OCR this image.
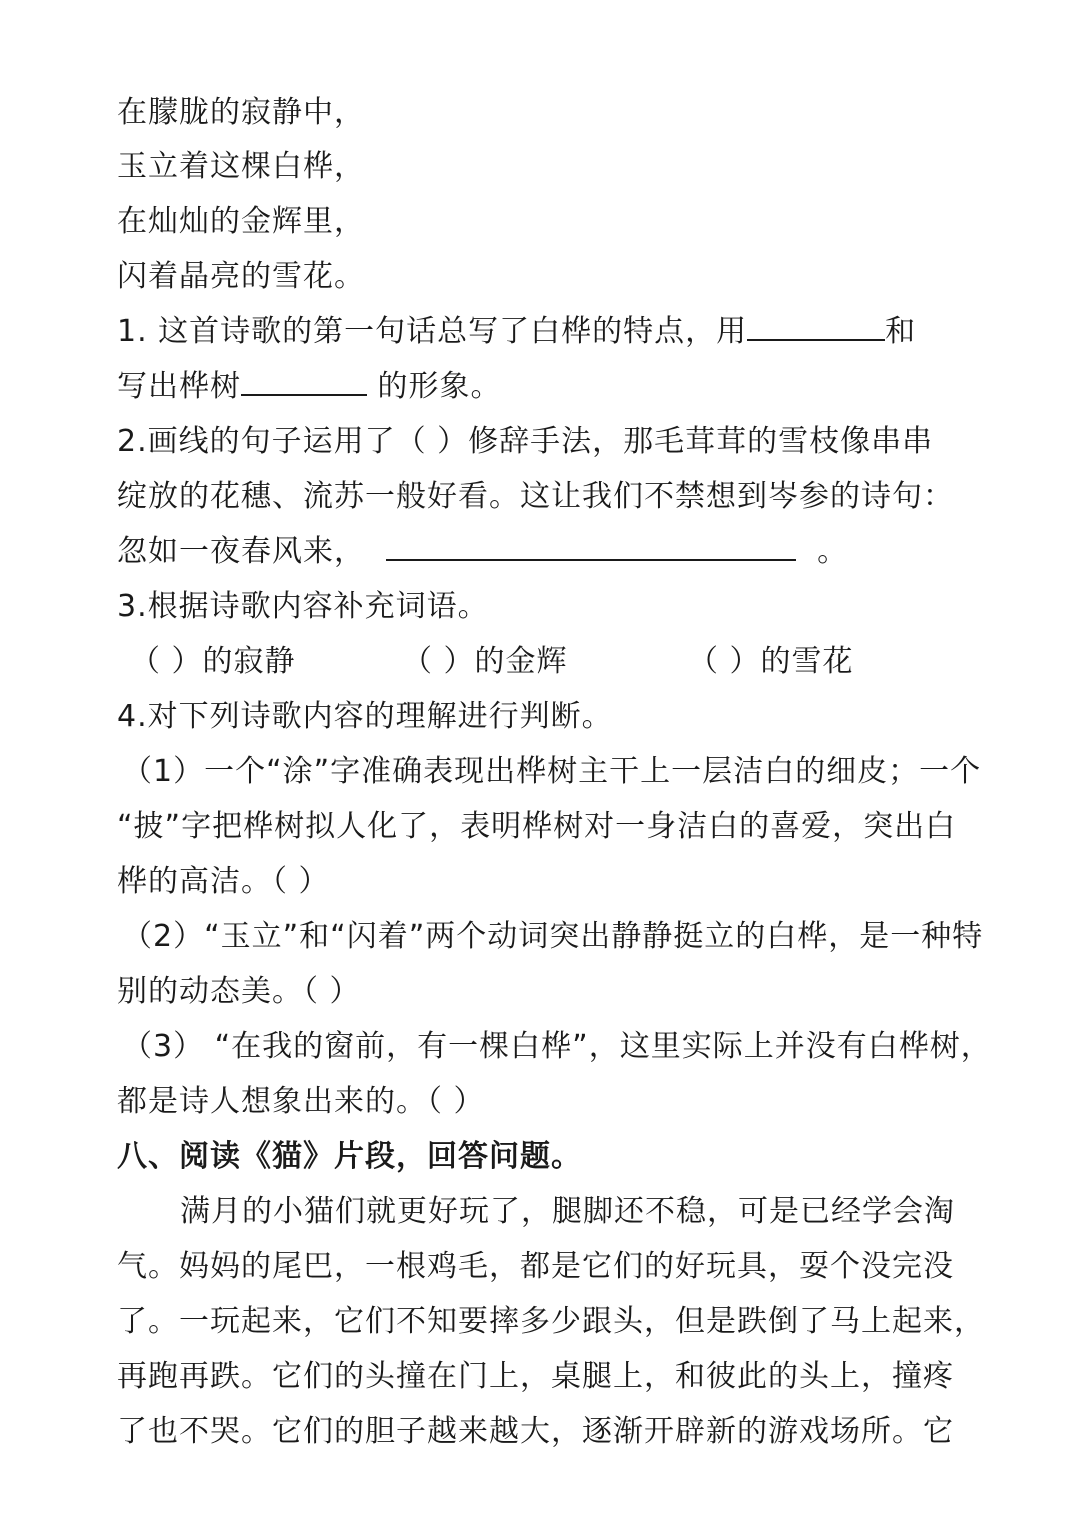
在朦胧的寂静中，
玉立着这棵白桦，
在灿灿的金辉里，
闪着晶亮的雪花。
1. 这首诗歌的第一句话总写了白桦的特点，用	和
写出桦树	的形象。
2.画线的句子运用了（ ）修辞手法，那毛茸茸的雪枝像串串
绽放的花穗、流苏一般好看。这让我们不禁想到岑参的诗句：
忽如一夜春风来，	。
3.根据诗歌内容补充词语。
（ ）的寂静	（ ）的金辉	（ ）的雪花
4.对下列诗歌内容的理解进行判断。
（1）一个“涂”字准确表现出桦树主干上一层洁白的细皮；一个
“披”字把桦树拟人化了，表明桦树对一身洁白的喜爱，突出白
桦的高洁。（ ）
（2）“玉立”和“闪着”两个动词突出静静挺立的白桦，是一种特
别的动态美。（ ）
（3） “在我的窗前，有一棵白桦”，这里实际上并没有白桦树，
都是诗人想象出来的。（ ）
八、阅读《猫》片段，回答问题。
满月的小猫们就更好玩了，腿脚还不稳，可是已经学会淘
气。妈妈的尾巴，一根鸡毛，都是它们的好玩具，耍个没完没
了。一玩起来，它们不知要摔多少跟头，但是跌倒了马上起来，
再跑再跌。它们的头撞在门上，桌腿上，和彼此的头上，撞疼
了也不哭。它们的胆子越来越大，逐渐开辟新的游戏场所。它
